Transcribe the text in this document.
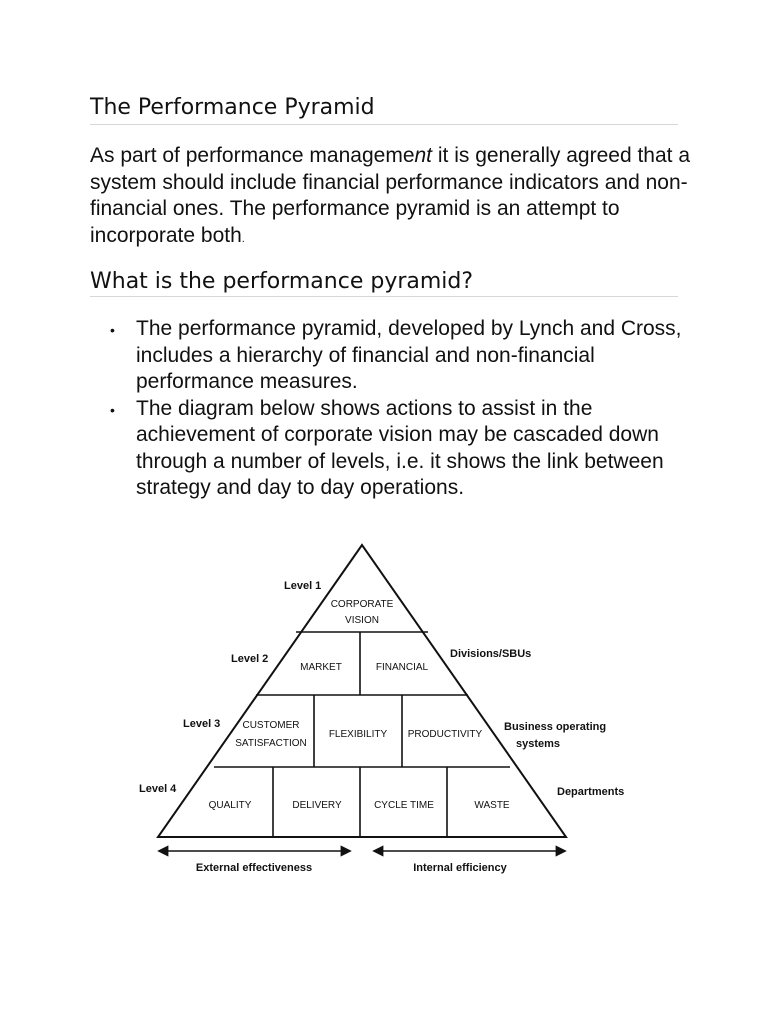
The Performance Pyramid

As part of performance management it is generally agreed that a system should include financial performance indicators and non-financial ones. The performance pyramid is an attempt to incorporate both.

What is the performance pyramid?
• The performance pyramid, developed by Lynch and Cross, includes a hierarchy of financial and non-financial performance measures.
• The diagram below shows actions to assist in the achievement of corporate vision may be cascaded down through a number of levels, i.e. it shows the link between strategy and day to day operations.
Level 1
Level 2
Level 3
Level 4
CORPORATE
VISION
MARKET	FINANCIAL
CUSTOMER
SATISFACTION
FLEXIBILITY PRODUCTIVITY
QUALITY	DELIVERY	CYCLE TIME	WASTE
Divisions/SBUs
Business operating
systems
Departments
External effectiveness	Internal efficiency
